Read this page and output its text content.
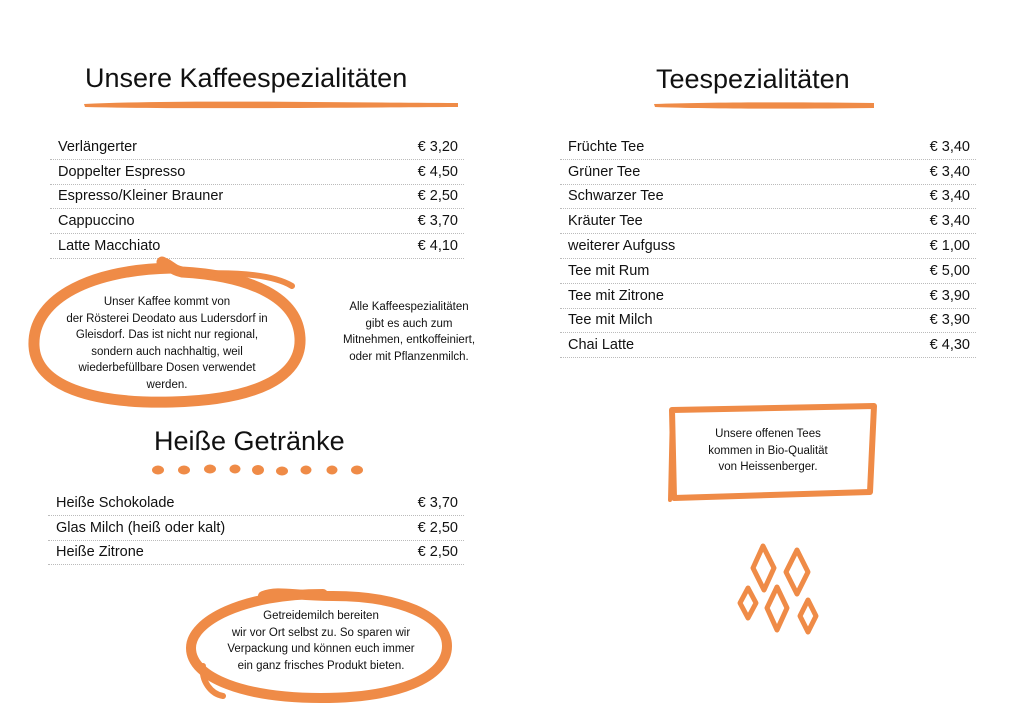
Unsere Kaffeespezialitäten
Verlängerter	€ 3,20
Doppelter Espresso	€ 4,50
Espresso/Kleiner Brauner	€ 2,50
Cappuccino	€ 3,70
Latte Macchiato	€ 4,10
Unser Kaffee kommt von
der Rösterei Deodato aus Ludersdorf in
Gleisdorf. Das ist nicht nur regional,
sondern auch nachhaltig, weil
wiederbefüllbare Dosen verwendet
werden.
Alle Kaffeespezialitäten
gibt es auch zum
Mitnehmen, entkoffeiniert,
oder mit Pflanzenmilch.
Heiße Getränke
Heiße Schokolade	€ 3,70
Glas Milch (heiß oder kalt)	€ 2,50
Heiße Zitrone	€ 2,50
Getreidemilch bereiten
wir vor Ort selbst zu. So sparen wir
Verpackung und können euch immer
ein ganz frisches Produkt bieten.
Teespezialitäten
Früchte Tee	€ 3,40
Grüner Tee	€ 3,40
Schwarzer Tee	€ 3,40
Kräuter Tee	€ 3,40
weiterer Aufguss	€ 1,00
Tee mit Rum	€ 5,00
Tee mit Zitrone	€ 3,90
Tee mit Milch	€ 3,90
Chai Latte	€ 4,30
Unsere offenen Tees
kommen in Bio-Qualität
von Heissenberger.
